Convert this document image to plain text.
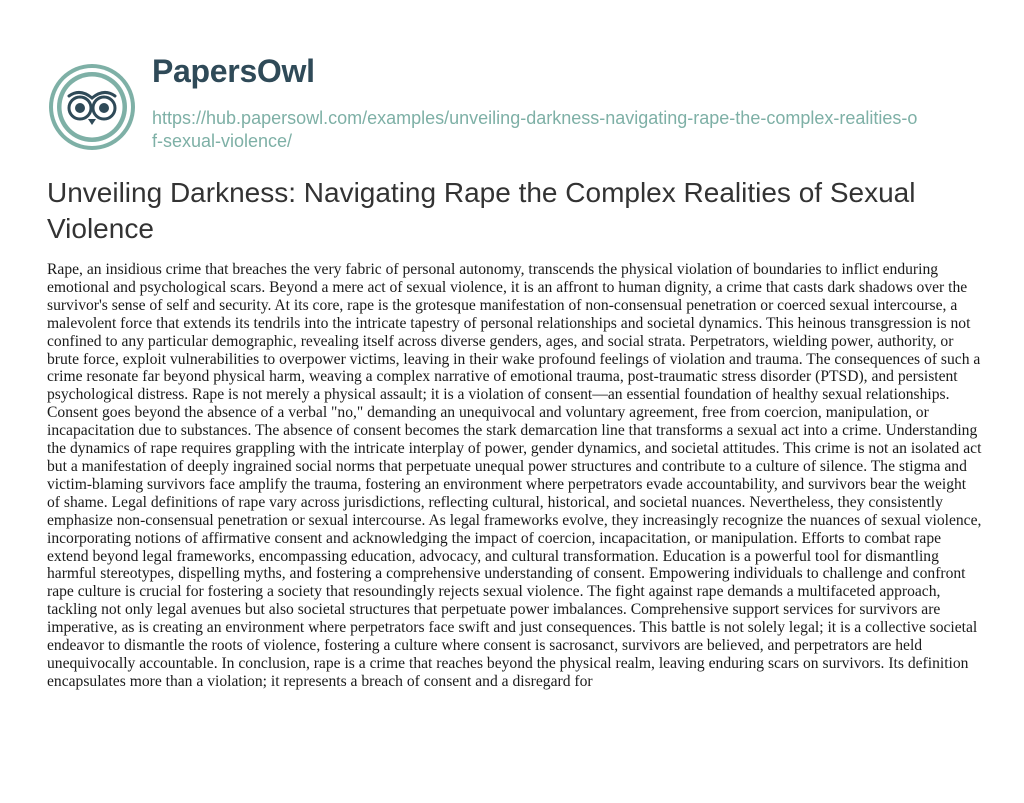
PapersOwl
https://hub.papersowl.com/examples/unveiling-darkness-navigating-rape-the-complex-realities-of-sexual-violence/
Unveiling Darkness: Navigating Rape the Complex Realities of Sexual Violence

Rape, an insidious crime that breaches the very fabric of personal autonomy, transcends the physical violation of boundaries to inflict enduring emotional and psychological scars. Beyond a mere act of sexual violence, it is an affront to human dignity, a crime that casts dark shadows over the survivor's sense of self and security. At its core, rape is the grotesque manifestation of non-consensual penetration or coerced sexual intercourse, a malevolent force that extends its tendrils into the intricate tapestry of personal relationships and societal dynamics. This heinous transgression is not confined to any particular demographic, revealing itself across diverse genders, ages, and social strata. Perpetrators, wielding power, authority, or brute force, exploit vulnerabilities to overpower victims, leaving in their wake profound feelings of violation and trauma. The consequences of such a crime resonate far beyond physical harm, weaving a complex narrative of emotional trauma, post-traumatic stress disorder (PTSD), and persistent psychological distress. Rape is not merely a physical assault; it is a violation of consent—an essential foundation of healthy sexual relationships. Consent goes beyond the absence of a verbal "no," demanding an unequivocal and voluntary agreement, free from coercion, manipulation, or incapacitation due to substances. The absence of consent becomes the stark demarcation line that transforms a sexual act into a crime. Understanding the dynamics of rape requires grappling with the intricate interplay of power, gender dynamics, and societal attitudes. This crime is not an isolated act but a manifestation of deeply ingrained social norms that perpetuate unequal power structures and contribute to a culture of silence. The stigma and victim-blaming survivors face amplify the trauma, fostering an environment where perpetrators evade accountability, and survivors bear the weight of shame. Legal definitions of rape vary across jurisdictions, reflecting cultural, historical, and societal nuances. Nevertheless, they consistently emphasize non-consensual penetration or sexual intercourse. As legal frameworks evolve, they increasingly recognize the nuances of sexual violence, incorporating notions of affirmative consent and acknowledging the impact of coercion, incapacitation, or manipulation. Efforts to combat rape extend beyond legal frameworks, encompassing education, advocacy, and cultural transformation. Education is a powerful tool for dismantling harmful stereotypes, dispelling myths, and fostering a comprehensive understanding of consent. Empowering individuals to challenge and confront rape culture is crucial for fostering a society that resoundingly rejects sexual violence. The fight against rape demands a multifaceted approach, tackling not only legal avenues but also societal structures that perpetuate power imbalances. Comprehensive support services for survivors are imperative, as is creating an environment where perpetrators face swift and just consequences. This battle is not solely legal; it is a collective societal endeavor to dismantle the roots of violence, fostering a culture where consent is sacrosanct, survivors are believed, and perpetrators are held unequivocally accountable. In conclusion, rape is a crime that reaches beyond the physical realm, leaving enduring scars on survivors. Its definition encapsulates more than a violation; it represents a breach of consent and a disregard for
